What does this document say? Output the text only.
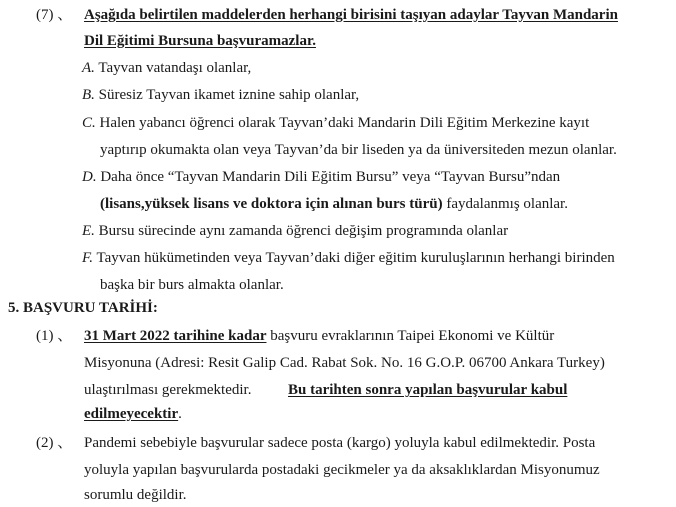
(7) 、 Aşağıda belirtilen maddelerden herhangi birisini taşıyan adaylar Tayvan Mandarin
Dil Eğitimi Bursuna başvuramazlar.
A. Tayvan vatandaşı olanlar,
B. Süresiz Tayvan ikamet iznine sahip olanlar,
C. Halen yabancı öğrenci olarak Tayvan’daki Mandarin Dili Eğitim Merkezine kayıt
yaptırıp okumakta olan veya Tayvan’da bir liseden ya da üniversiteden mezun olanlar.
D. Daha önce “Tayvan Mandarin Dili Eğitim Bursu” veya “Tayvan Bursu”ndan
(lisans,yüksek lisans ve doktora için alınan burs türü) faydalanmış olanlar.
E. Bursu sürecinde aynı zamanda öğrenci değişim programında olanlar
F. Tayvan hükümetinden veya Tayvan’daki diğer eğitim kuruluşlarının herhangi birinden
başka bir burs almakta olanlar.
5. BAŞVURU TARİHİ:
(1) 、 31 Mart 2022 tarihine kadar başvuru evraklarının Taipei Ekonomi ve Kültür
Misyonuna (Adresi: Resit Galip Cad. Rabat Sok. No. 16 G.O.P. 06700 Ankara Turkey)
ulaştırılması gerekmektedir. Bu tarihten sonra yapılan başvurular kabul
edilmeyecektir.
(2) 、 Pandemi sebebiyle başvurular sadece posta (kargo) yoluyla kabul edilmektedir. Posta
yoluyla yapılan başvurularda postadaki gecikmeler ya da aksaklıklardan Misyonumuz
sorumlu değildir.
